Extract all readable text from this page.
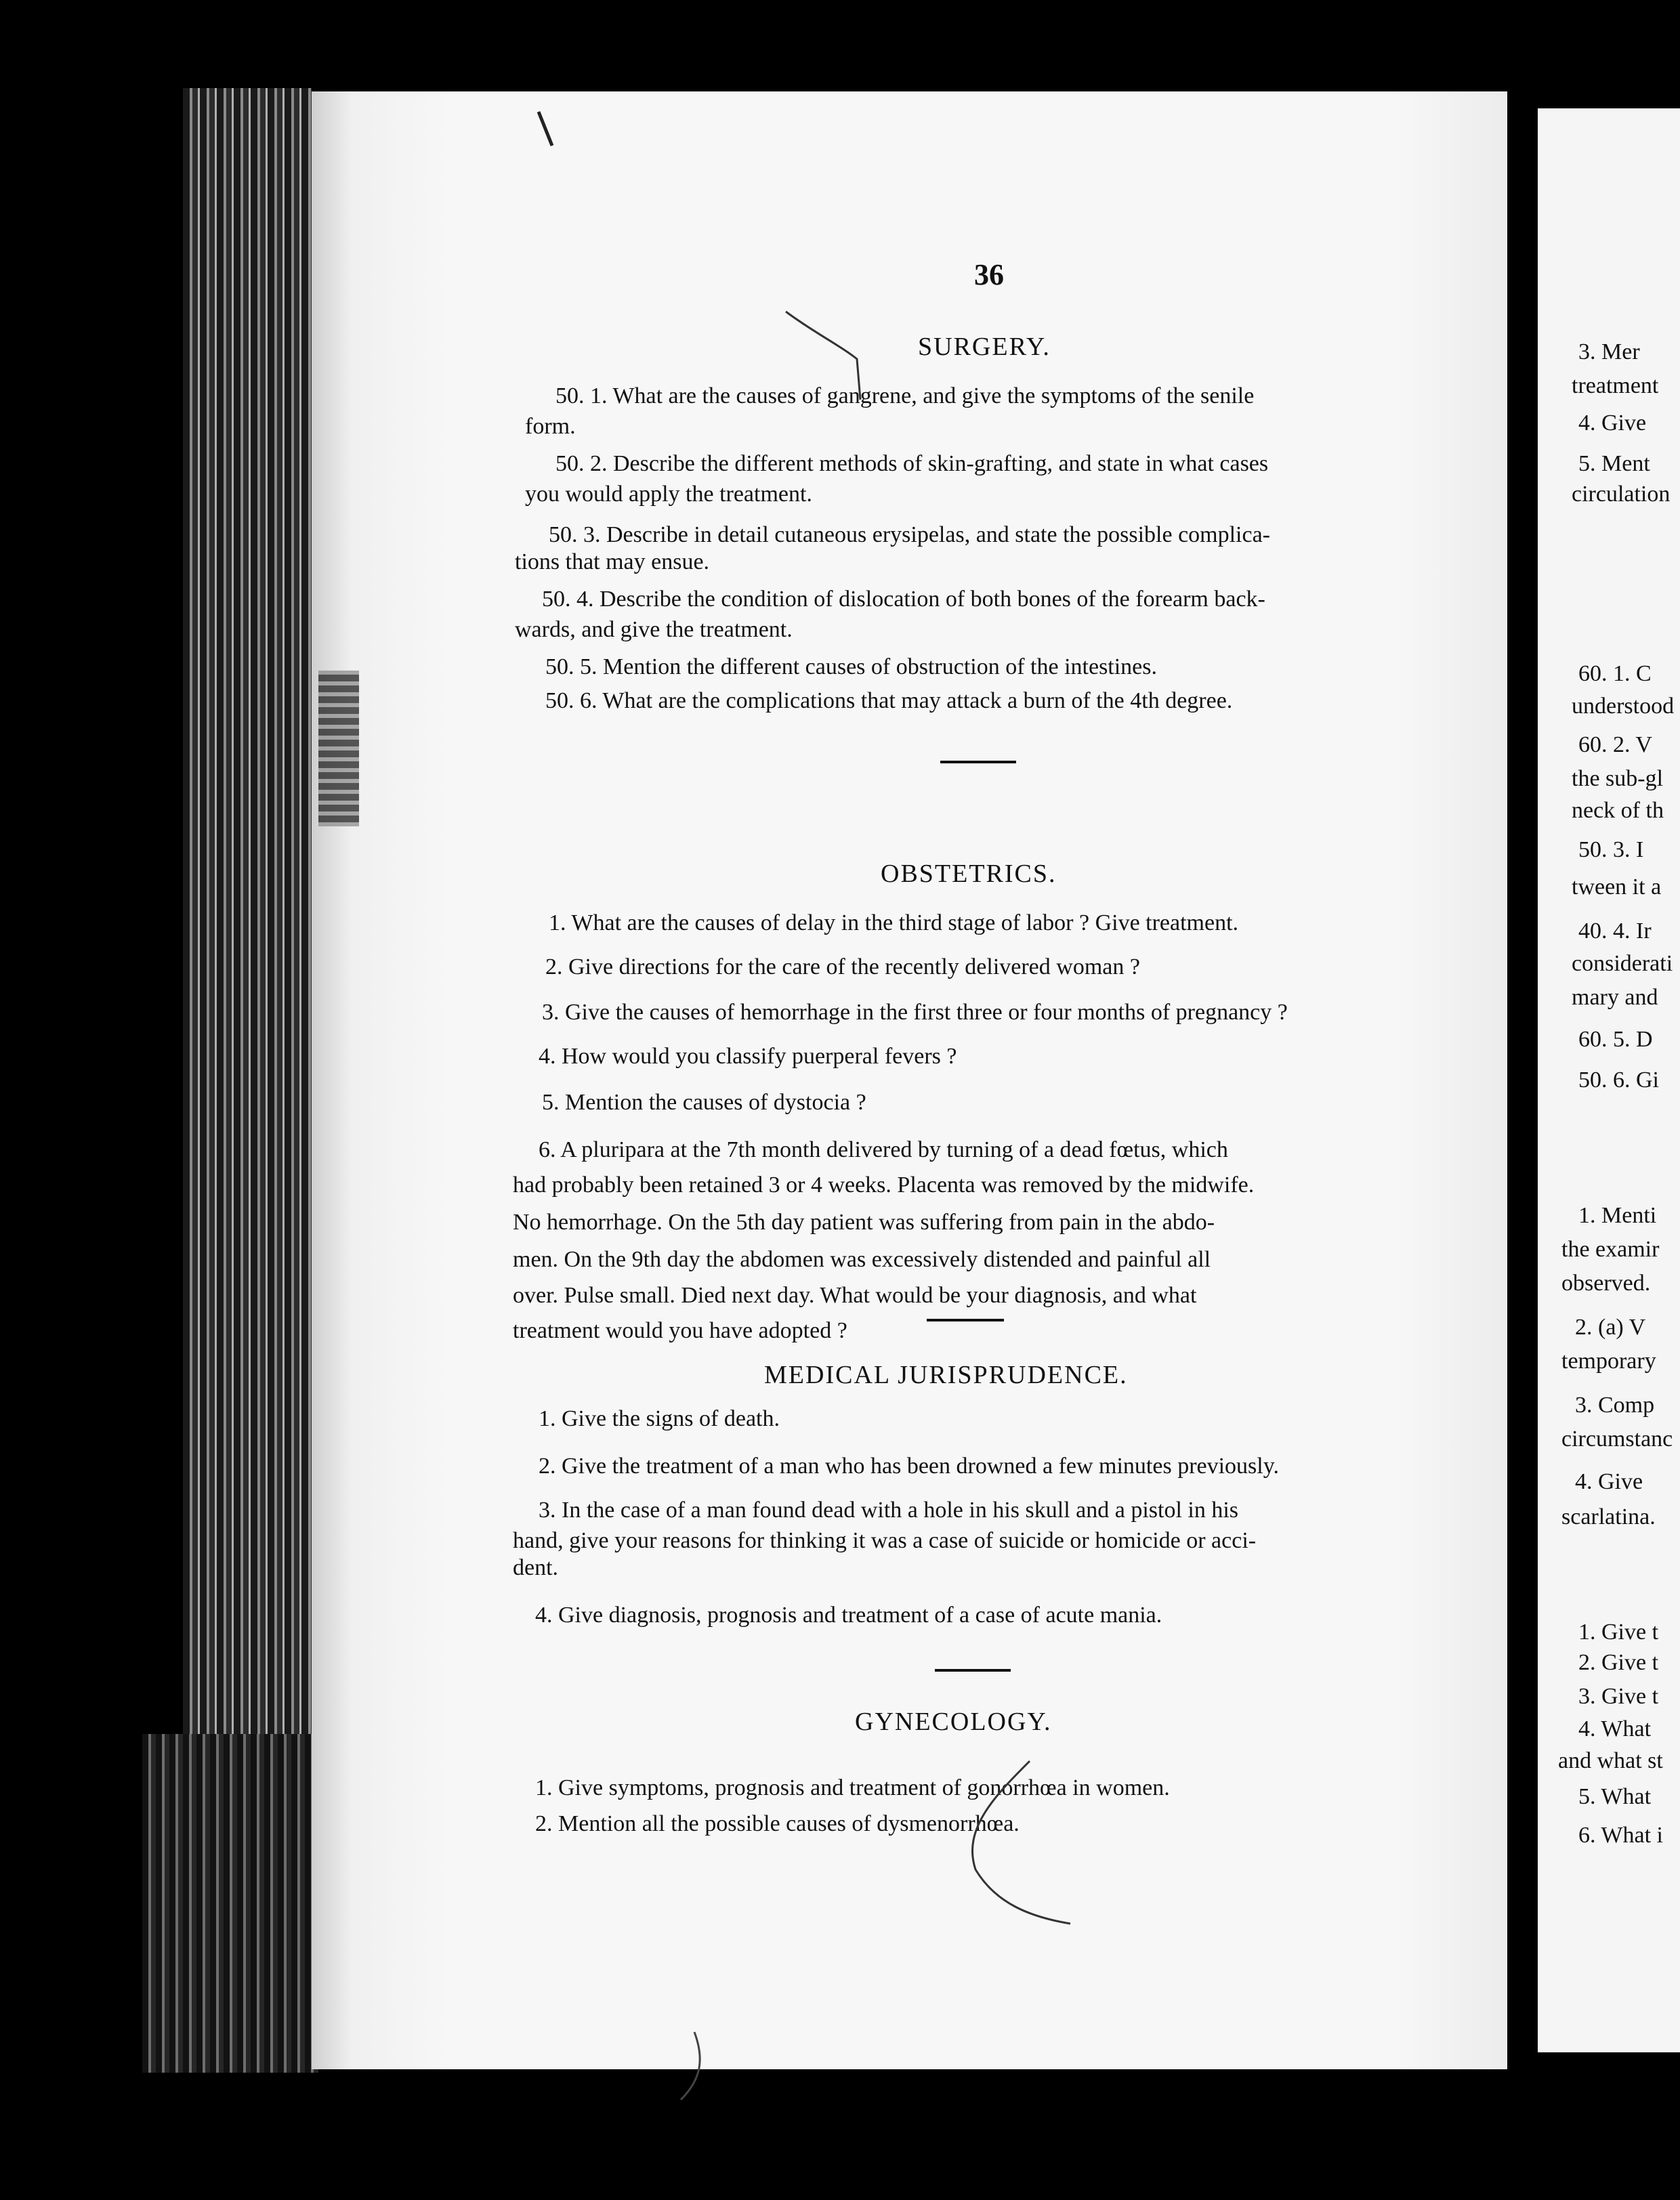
36
SURGERY.
50. 1. What are the causes of gangrene, and give the symptoms of the senile
form.
50. 2. Describe the different methods of skin-grafting, and state in what cases
you would apply the treatment.
50. 3. Describe in detail cutaneous erysipelas, and state the possible complica-
tions that may ensue.
50. 4. Describe the condition of dislocation of both bones of the forearm back-
wards, and give the treatment.
50. 5. Mention the different causes of obstruction of the intestines.
50. 6. What are the complications that may attack a burn of the 4th degree.
OBSTETRICS.
1. What are the causes of delay in the third stage of labor ? Give treatment.
2. Give directions for the care of the recently delivered woman ?
3. Give the causes of hemorrhage in the first three or four months of pregnancy ?
4. How would you classify puerperal fevers ?
5. Mention the causes of dystocia ?
6. A pluripara at the 7th month delivered by turning of a dead fœtus, which
had probably been retained 3 or 4 weeks. Placenta was removed by the midwife.
No hemorrhage. On the 5th day patient was suffering from pain in the abdo-
men. On the 9th day the abdomen was excessively distended and painful all
over. Pulse small. Died next day. What would be your diagnosis, and what
treatment would you have adopted ?
MEDICAL JURISPRUDENCE.
1. Give the signs of death.
2. Give the treatment of a man who has been drowned a few minutes previously.
3. In the case of a man found dead with a hole in his skull and a pistol in his
hand, give your reasons for thinking it was a case of suicide or homicide or acci-
dent.
4. Give diagnosis, prognosis and treatment of a case of acute mania.
GYNECOLOGY.
1. Give symptoms, prognosis and treatment of gonorrhœa in women.
2. Mention all the possible causes of dysmenorrhœa.
3. Mer
treatment
4. Give
5. Ment
circulation
60. 1. C
understood
60. 2. V
the sub-gl
neck of th
50. 3. I
tween it a
40. 4. Ir
considerati
mary and
60. 5. D
50. 6. Gi
1. Menti
the examir
observed.
2. (a) V
temporary
3. Comp
circumstanc
4. Give
scarlatina.
1. Give t
2. Give t
3. Give t
4. What
and what st
5. What
6. What i
